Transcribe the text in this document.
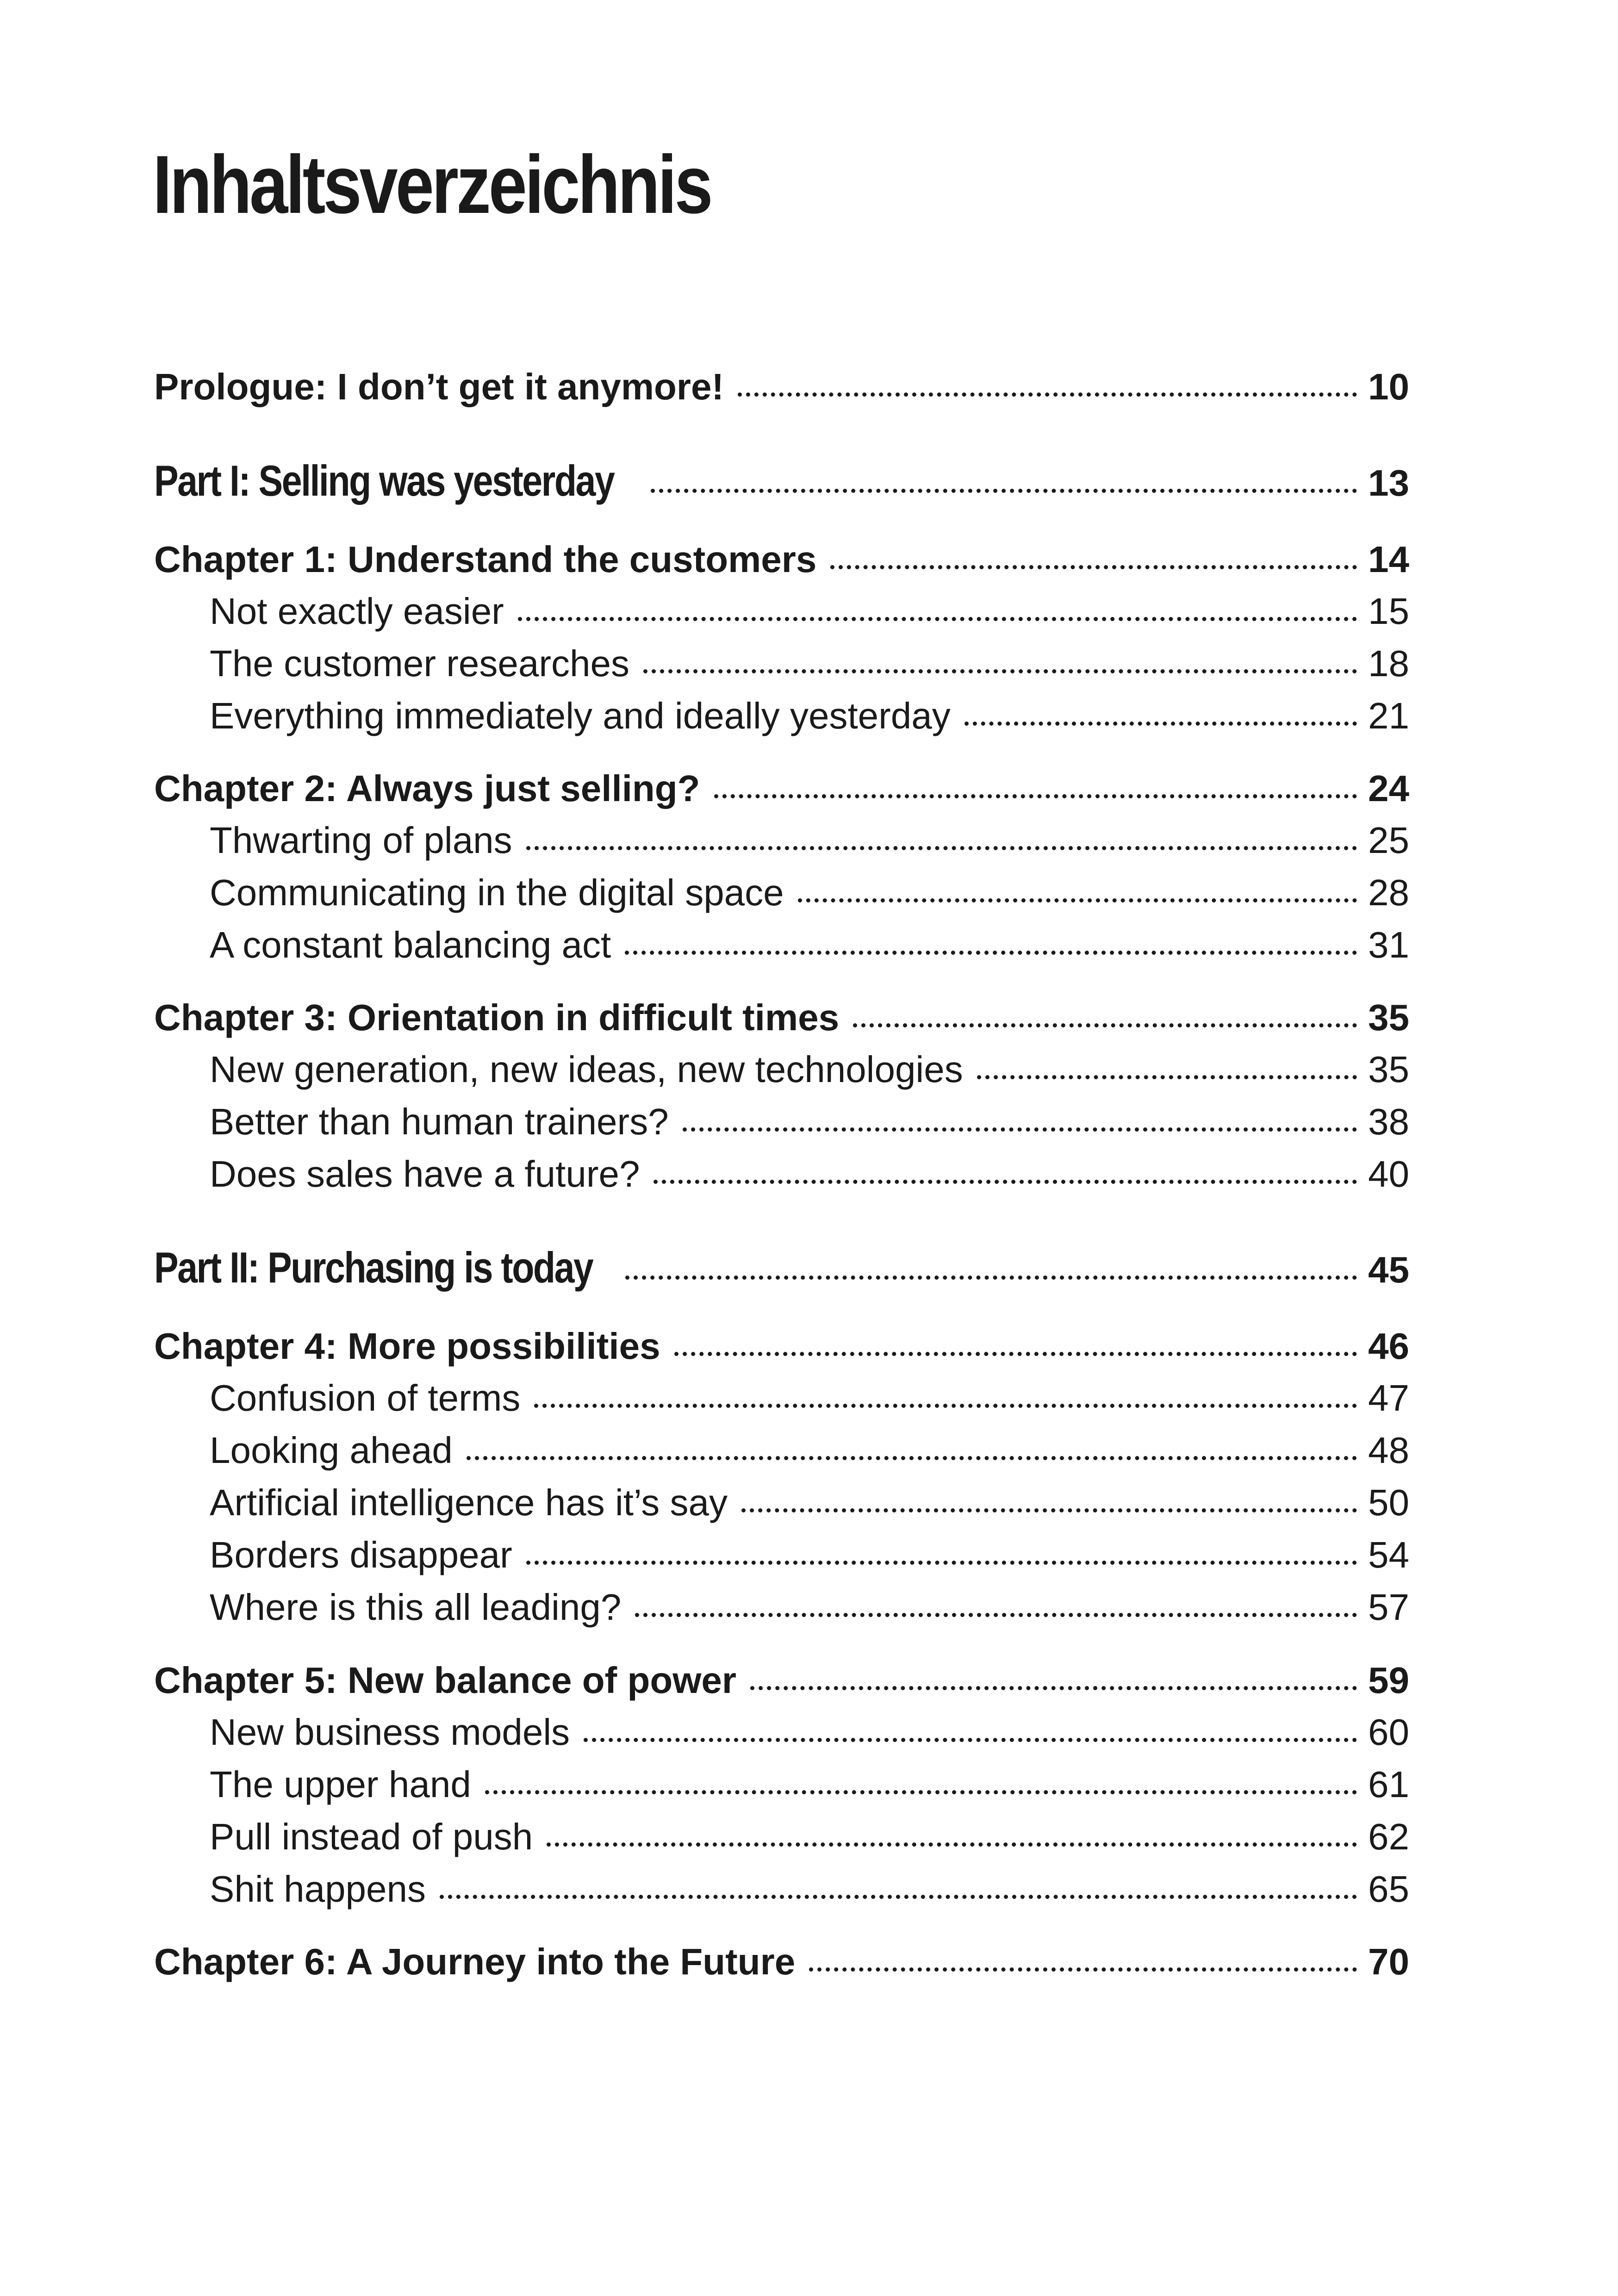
Inhaltsverzeichnis
Prologue: I don’t get it anymore!	10
Part I: Selling was yesterday	13
Chapter 1: Understand the customers	14
Not exactly easier	15
The customer researches	18
Everything immediately and ideally yesterday	21
Chapter 2: Always just selling?	24
Thwarting of plans	25
Communicating in the digital space	28
A constant balancing act	31
Chapter 3: Orientation in difficult times	35
New generation, new ideas, new technologies	35
Better than human trainers?	38
Does sales have a future?	40
Part II: Purchasing is today	45
Chapter 4: More possibilities	46
Confusion of terms	47
Looking ahead	48
Artificial intelligence has it’s say	50
Borders disappear	54
Where is this all leading?	57
Chapter 5: New balance of power	59
New business models	60
The upper hand	61
Pull instead of push	62
Shit happens	65
Chapter 6: A Journey into the Future	70
